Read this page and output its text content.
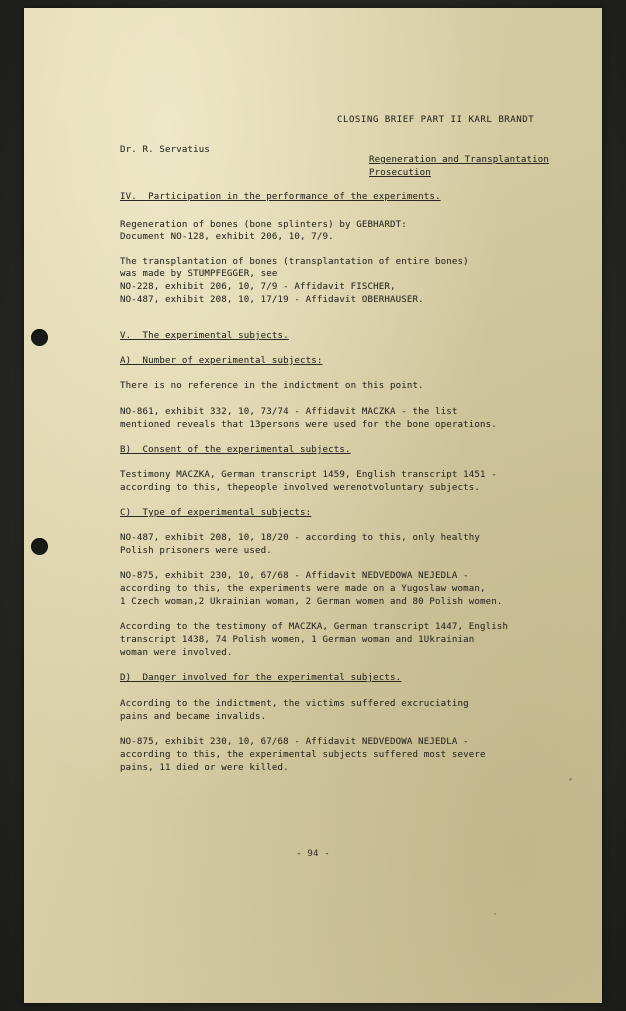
CLOSING BRIEF PART II KARL BRANDT
Dr. R. Servatius
Regeneration and Transplantation
Prosecution
IV.  Participation in the performance of the experiments.
Regeneration of bones (bone splinters) by GEBHARDT:
Document NO-128, exhibit 206, 10, 7/9.
The transplantation of bones (transplantation of entire bones)
was made by STUMPFEGGER, see
NO-228, exhibit 206, 10, 7/9 - Affidavit FISCHER,
NO-487, exhibit 208, 10, 17/19 - Affidavit OBERHAUSER.
V.  The experimental subjects.
A)  Number of experimental subjects:
There is no reference in the indictment on this point.
NO-861, exhibit 332, 10, 73/74 - Affidavit MACZKA - the list
mentioned reveals that 13persons were used for the bone operations.
B)  Consent of the experimental subjects.
Testimony MACZKA, German transcript 1459, English transcript 1451 -
according to this, thepeople involved werenotvoluntary subjects.
C)  Type of experimental subjects:
NO-487, exhibit 208, 10, 18/20 - according to this, only healthy
Polish prisoners were used.
NO-875, exhibit 230, 10, 67/68 - Affidavit NEDVEDOWA NEJEDLA -
according to this, the experiments were made on a Yugoslaw woman,
1 Czech woman,2 Ukrainian woman, 2 German women and 80 Polish women.
According to the testimony of MACZKA, German transcript 1447, English
transcript 1438, 74 Polish women, 1 German woman and 1Ukrainian
woman were involved.
D)  Danger involved for the experimental subjects.
According to the indictment, the victims suffered excruciating
pains and became invalids.
NO-875, exhibit 230, 10, 67/68 - Affidavit NEDVEDOWA NEJEDLA -
according to this, the experimental subjects suffered most severe
pains, 11 died or were killed.
- 94 -
